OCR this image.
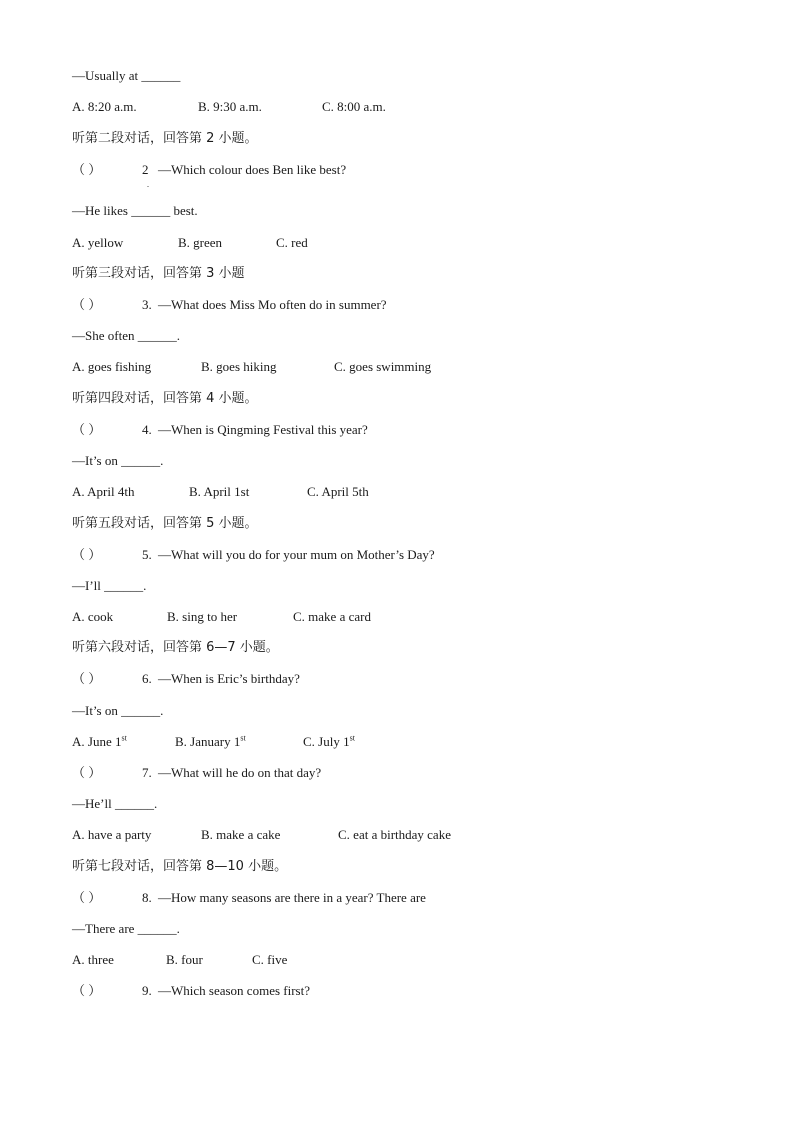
—Usually at ______
A. 8:20 a.m.	B. 9:30 a.m.	C. 8:00 a.m.
听第二段对话，回答第 2 小题。
（ ）	2 —Which colour does Ben like best?
.
—He likes ______ best.
A. yellow	B. green	C. red
听第三段对话，回答第 3 小题
（ ）	3. —What does Miss Mo often do in summer?
—She often ______.
A. goes fishing	B. goes hiking	C. goes swimming
听第四段对话，回答第 4 小题。
（ ）	4. —When is Qingming Festival this year?
—It’s on ______.
A. April 4th	B. April 1st	C. April 5th
听第五段对话，回答第 5 小题。
（ ）	5. —What will you do for your mum on Mother’s Day?
—I’ll ______.
A. cook	B. sing to her	C. make a card
听第六段对话，回答第 6—7 小题。
（ ）	6. —When is Eric’s birthday?
—It’s on ______.
A. June 1st	B. January 1st	C. July 1st
（ ）	7. —What will he do on that day?
—He’ll ______.
A. have a party	B. make a cake	C. eat a birthday cake
听第七段对话，回答第 8—10 小题。
（ ）	8. —How many seasons are there in a year? There are
—There are ______.
A. three	B. four	C. five
（ ）	9. —Which season comes first?
